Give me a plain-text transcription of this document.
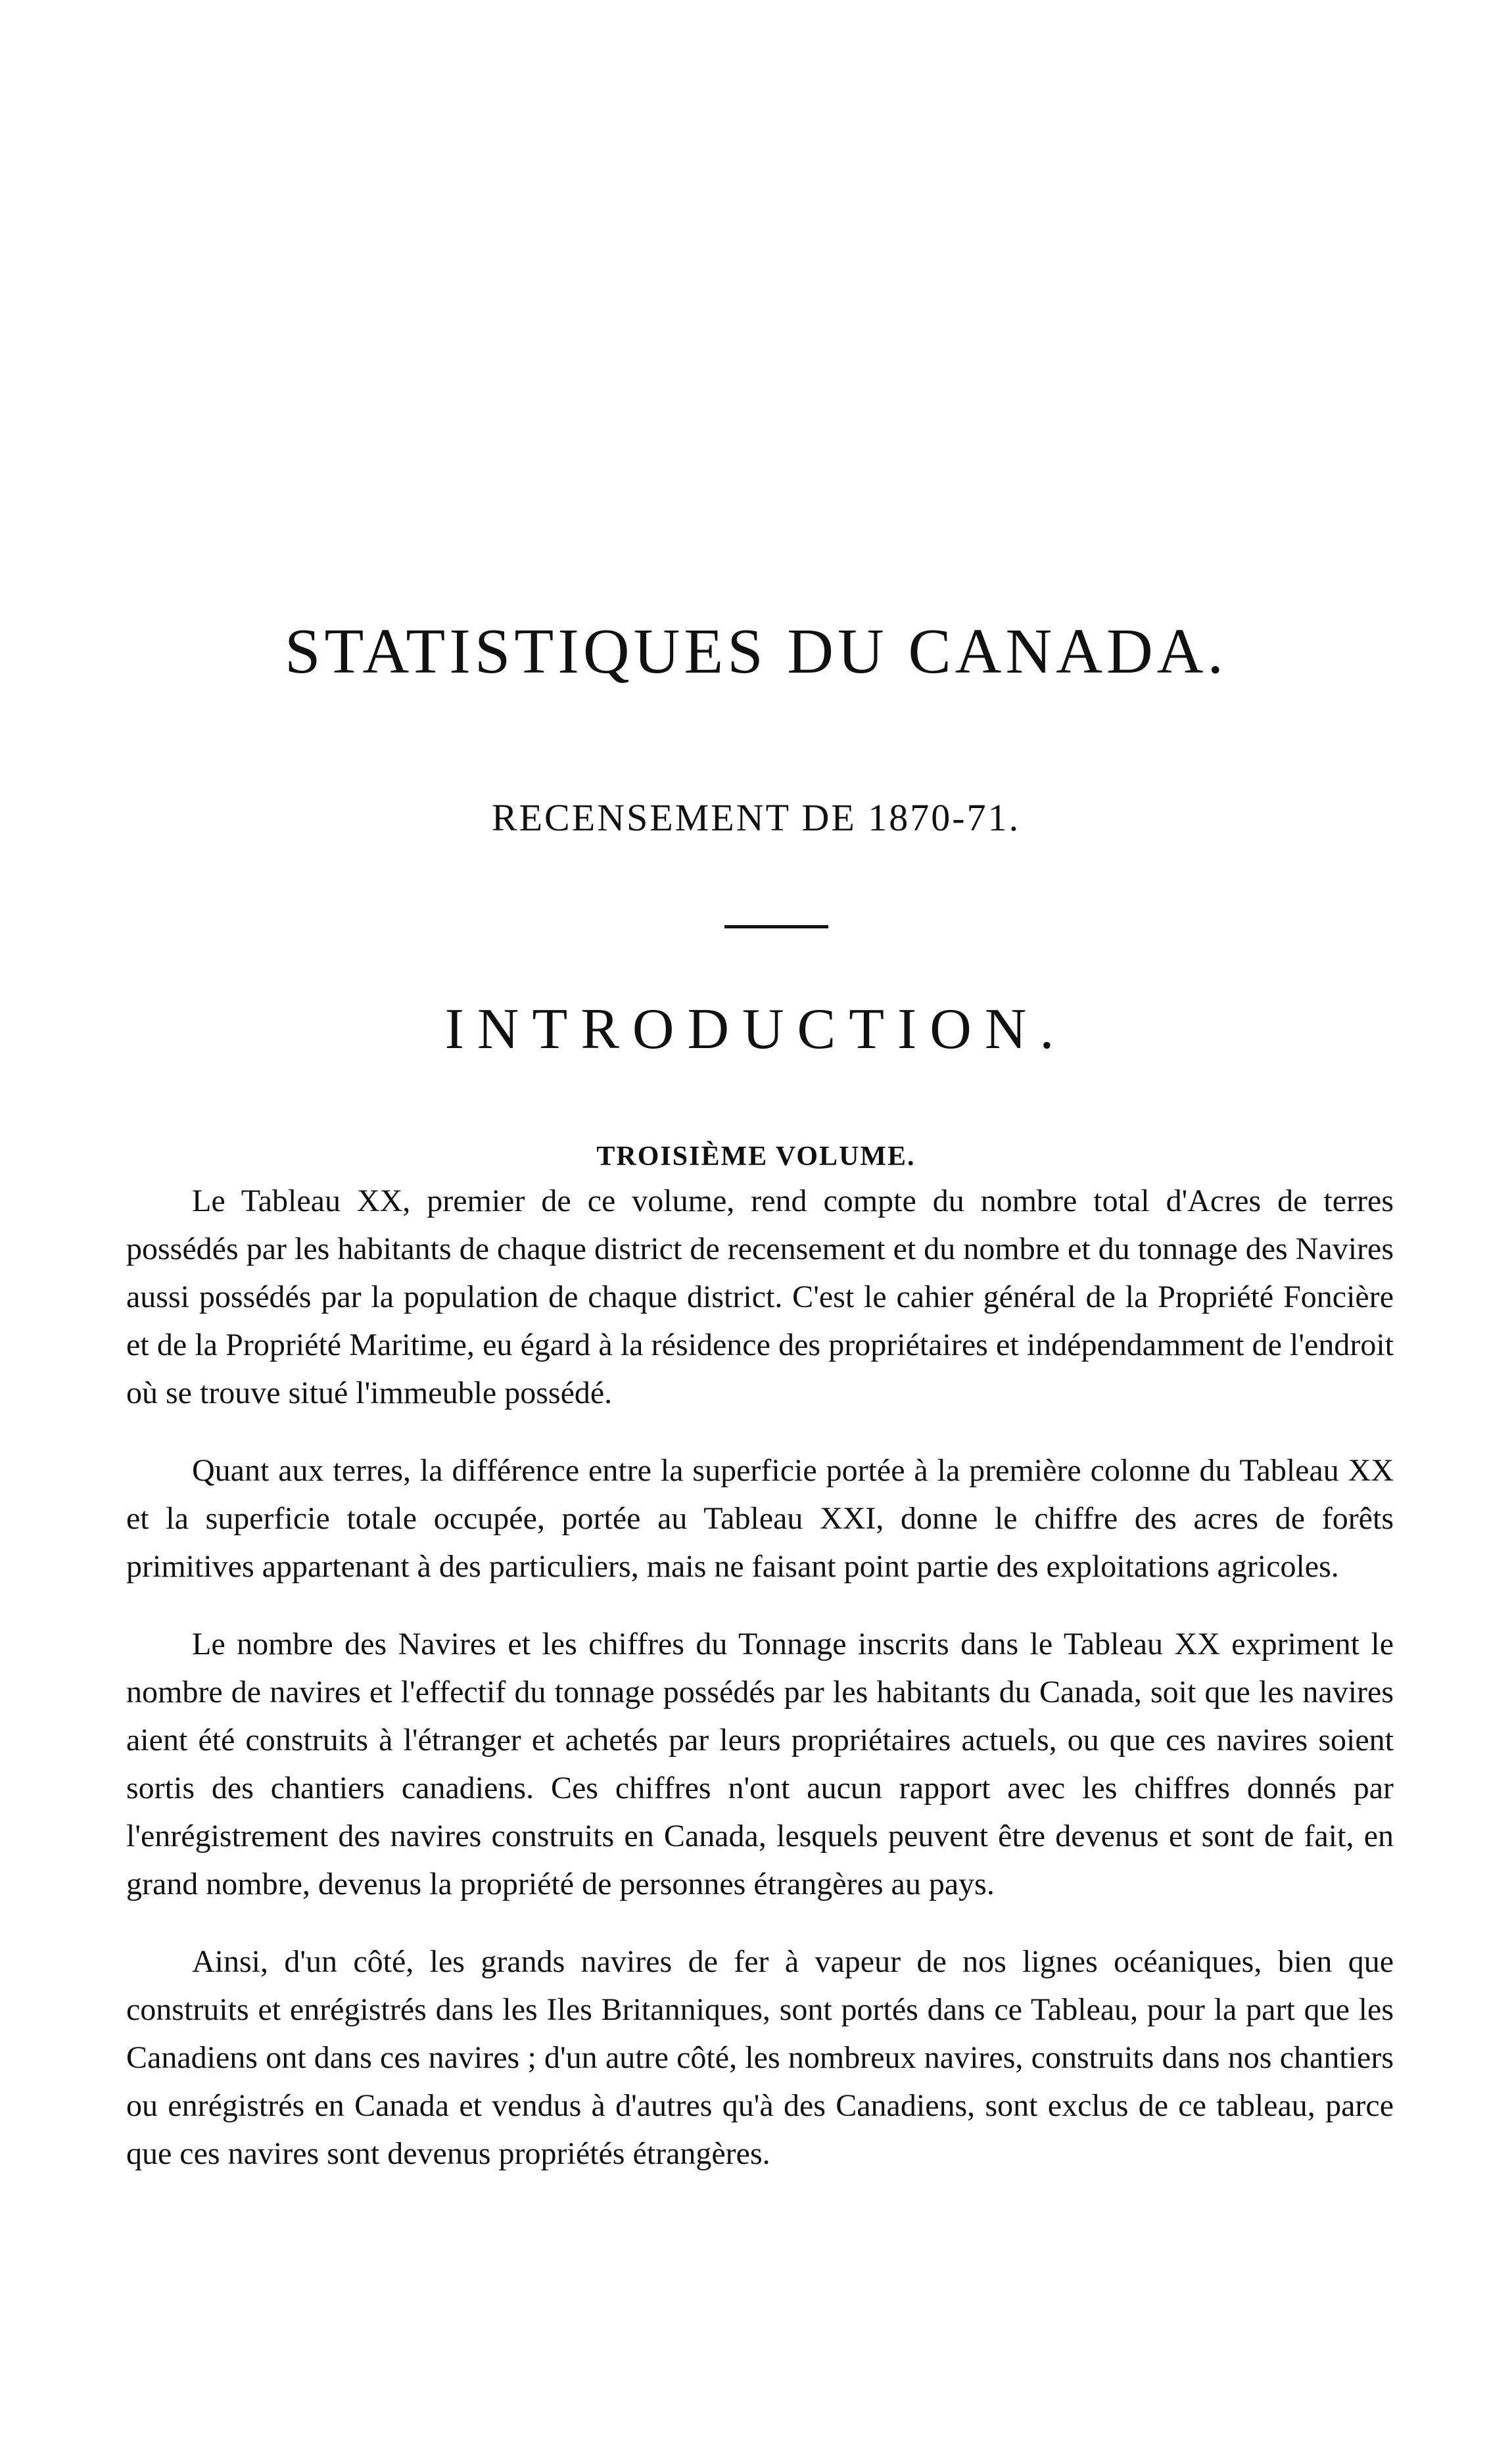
STATISTIQUES DU CANADA.
RECENSEMENT DE 1870-71.
INTRODUCTION.
TROISIÈME VOLUME.

Le Tableau XX, premier de ce volume, rend compte du nombre total d'Acres de terres possédés par les habitants de chaque district de recensement et du nombre et du tonnage des Navires aussi possédés par la population de chaque district. C'est le cahier général de la Propriété Foncière et de la Propriété Maritime, eu égard à la résidence des propriétaires et indépendamment de l'endroit où se trouve situé l'immeuble possédé.

Quant aux terres, la différence entre la superficie portée à la première colonne du Tableau XX et la superficie totale occupée, portée au Tableau XXI, donne le chiffre des acres de forêts primitives appartenant à des particuliers, mais ne faisant point partie des exploitations agricoles.

Le nombre des Navires et les chiffres du Tonnage inscrits dans le Tableau XX expriment le nombre de navires et l'effectif du tonnage possédés par les habitants du Canada, soit que les navires aient été construits à l'étranger et achetés par leurs propriétaires actuels, ou que ces navires soient sortis des chantiers canadiens. Ces chiffres n'ont aucun rapport avec les chiffres donnés par l'enrégistrement des navires construits en Canada, lesquels peuvent être devenus et sont de fait, en grand nombre, devenus la propriété de personnes étrangères au pays.

Ainsi, d'un côté, les grands navires de fer à vapeur de nos lignes océaniques, bien que construits et enrégistrés dans les Iles Britanniques, sont portés dans ce Tableau, pour la part que les Canadiens ont dans ces navires ; d'un autre côté, les nombreux navires, construits dans nos chantiers ou enrégistrés en Canada et vendus à d'autres qu'à des Canadiens, sont exclus de ce tableau, parce que ces navires sont devenus propriétés étrangères.
